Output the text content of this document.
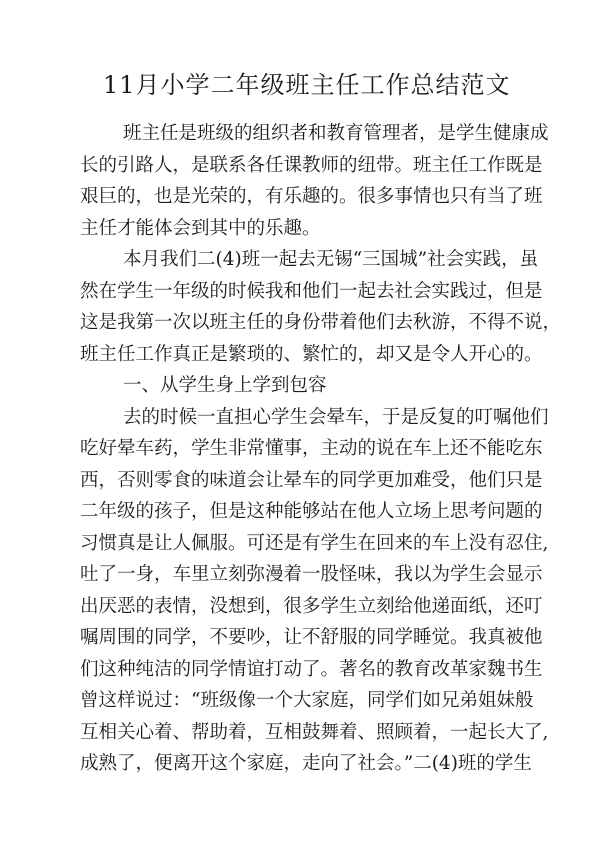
11月小学二年级班主任工作总结范文
班主任是班级的组织者和教育管理者，是学生健康成
长的引路人，是联系各任课教师的纽带。班主任工作既是
艰巨的，也是光荣的，有乐趣的。很多事情也只有当了班
主任才能体会到其中的乐趣。
本月我们二(4)班一起去无锡“三国城”社会实践，虽
然在学生一年级的时候我和他们一起去社会实践过，但是
这是我第一次以班主任的身份带着他们去秋游，不得不说，
班主任工作真正是繁琐的、繁忙的，却又是令人开心的。
一、从学生身上学到包容
去的时候一直担心学生会晕车，于是反复的叮嘱他们
吃好晕车药，学生非常懂事，主动的说在车上还不能吃东
西，否则零食的味道会让晕车的同学更加难受，他们只是
二年级的孩子，但是这种能够站在他人立场上思考问题的
习惯真是让人佩服。可还是有学生在回来的车上没有忍住,
吐了一身，车里立刻弥漫着一股怪味，我以为学生会显示
出厌恶的表情，没想到，很多学生立刻给他递面纸，还叮
嘱周围的同学，不要吵，让不舒服的同学睡觉。我真被他
们这种纯洁的同学情谊打动了。著名的教育改革家魏书生
曾这样说过：“班级像一个大家庭，同学们如兄弟姐妹般
互相关心着、帮助着，互相鼓舞着、照顾着，一起长大了,
成熟了，便离开这个家庭，走向了社会。”二(4)班的学生
